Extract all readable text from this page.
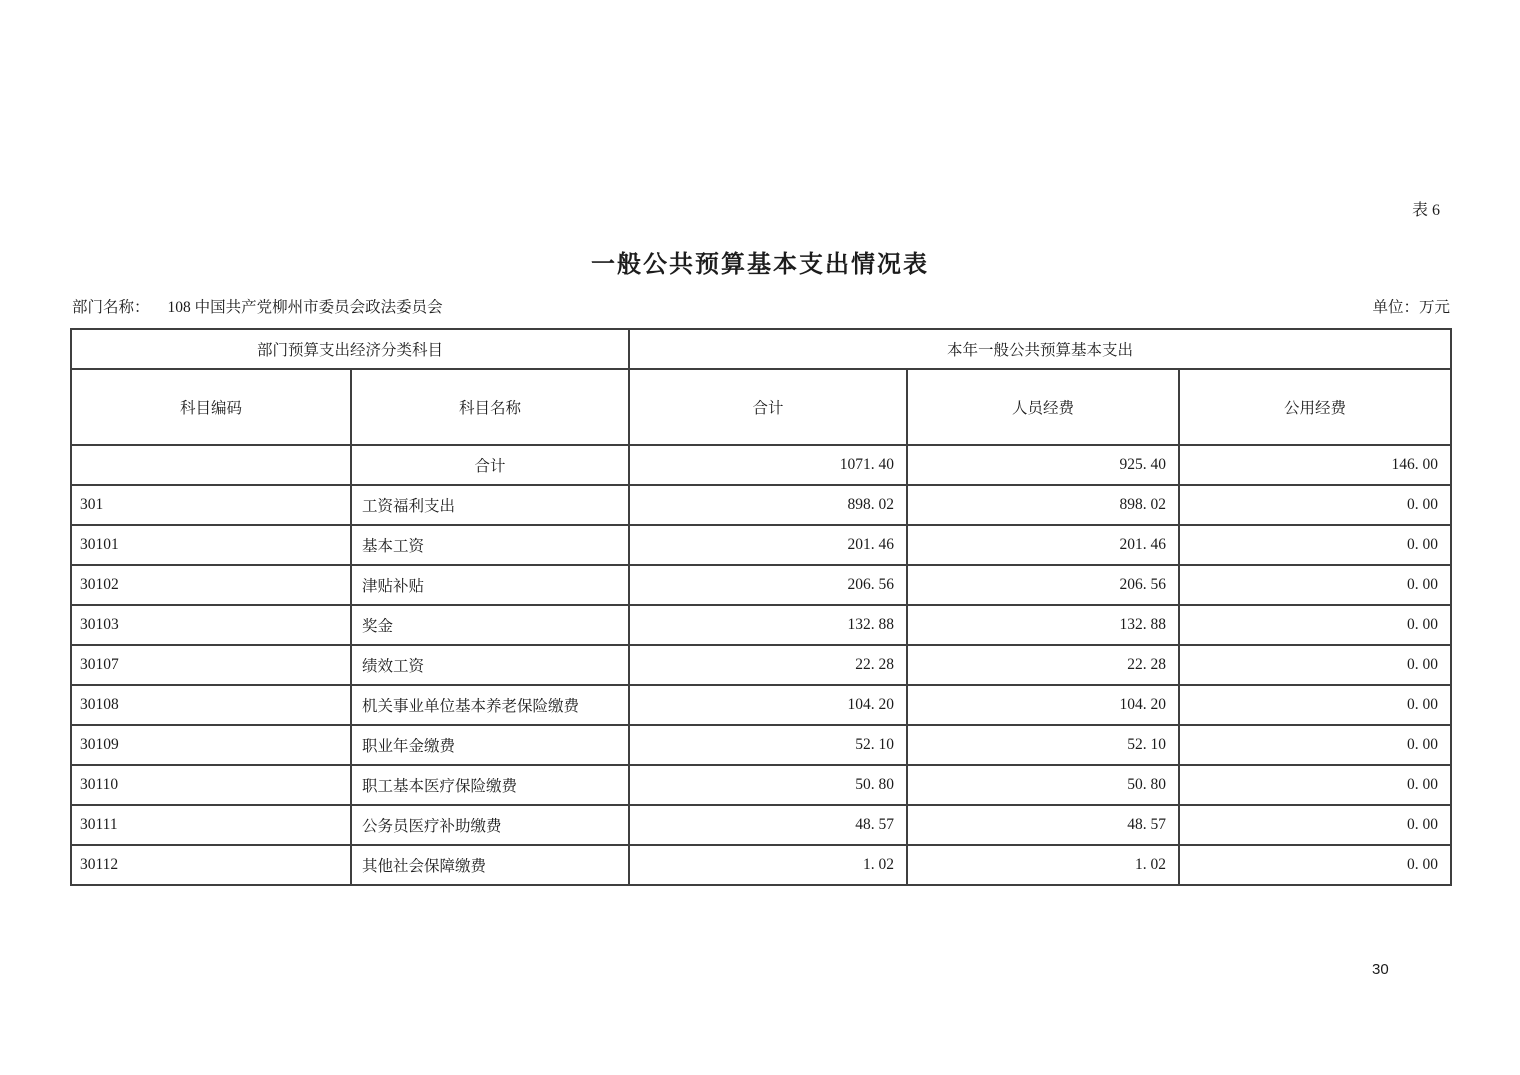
表 6
一般公共预算基本支出情况表
部门名称： 108 中国共产党柳州市委员会政法委员会	单位：万元
部门预算支出经济分类科目		本年一般公共预算基本支出		
科目编码	科目名称	合计	人员经费	公用经费
	合计	1071. 40	925. 40	146. 00
301	工资福利支出	898. 02	898. 02	0. 00
30101	基本工资	201. 46	201. 46	0. 00
30102	津贴补贴	206. 56	206. 56	0. 00
30103	奖金	132. 88	132. 88	0. 00
30107	绩效工资	22. 28	22. 28	0. 00
30108	机关事业单位基本养老保险缴费	104. 20	104. 20	0. 00
30109	职业年金缴费	52. 10	52. 10	0. 00
30110	职工基本医疗保险缴费	50. 80	50. 80	0. 00
30111	公务员医疗补助缴费	48. 57	48. 57	0. 00
30112	其他社会保障缴费	1. 02	1. 02	0. 00
30
